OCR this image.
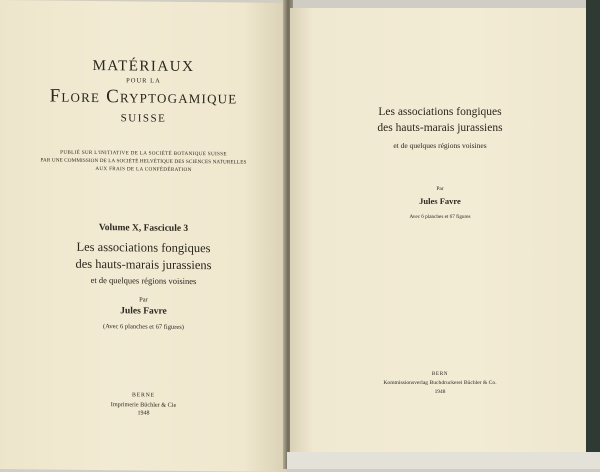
MATÉRIAUX
POUR LA
Flore Cryptogamique
SUISSE
PUBLIÉ SUR L'INITIATIVE DE LA SOCIÉTÉ BOTANIQUE SUISSE
PAR UNE COMMISSION DE LA SOCIÉTÉ HELVÉTIQUE DES SCIENCES NATURELLES
AUX FRAIS DE LA CONFÉDÉRATION
Volume X, Fascicule 3
Les associations fongiques
des hauts-marais jurassiens
et de quelques régions voisines
Par
Jules Favre
(Avec 6 planches et 67 figures)
BERNE
Imprimerie Büchler & Cie
1948
Les associations fongiques
des hauts-marais jurassiens
et de quelques régions voisines
Par
Jules Favre
Avec 6 planches et 67 figures
BERN
Kommissionsverlag Buchdruckerei Büchler & Co.
1948
